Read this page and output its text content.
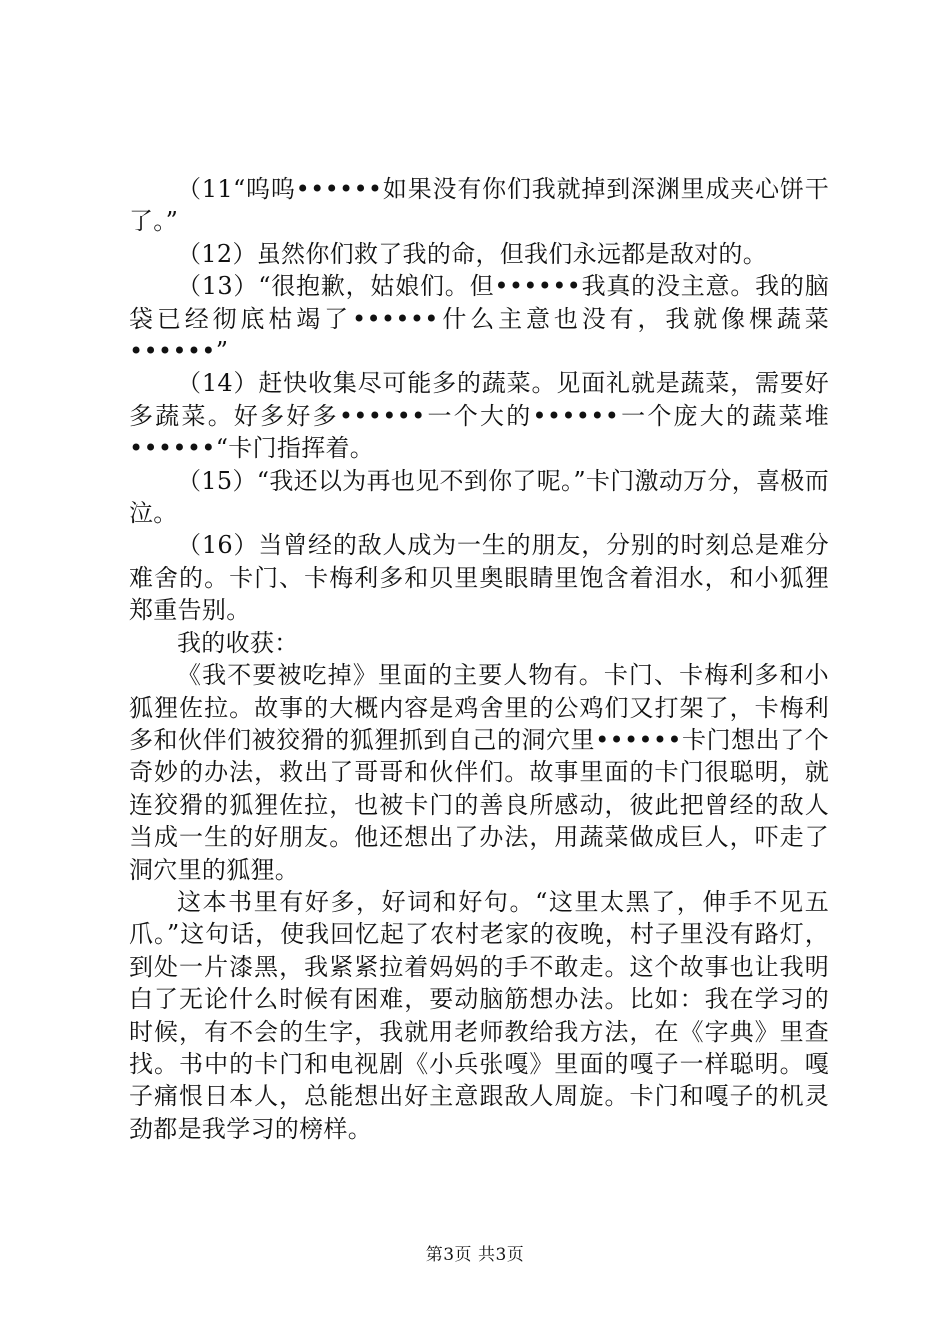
（11“呜呜••••••如果没有你们我就掉到深渊里成夹心饼干了。”

（12）虽然你们救了我的命，但我们永远都是敌对的。

（13）“很抱歉，姑娘们。但••••••我真的没主意。我的脑袋已经彻底枯竭了••••••什么主意也没有，我就像棵蔬菜••••••”

（14）赶快收集尽可能多的蔬菜。见面礼就是蔬菜，需要好多蔬菜。好多好多••••••一个大的••••••一个庞大的蔬菜堆••••••“卡门指挥着。

（15）“我还以为再也见不到你了呢。”卡门激动万分，喜极而泣。

（16）当曾经的敌人成为一生的朋友，分别的时刻总是难分难舍的。卡门、卡梅利多和贝里奥眼睛里饱含着泪水，和小狐狸郑重告别。

我的收获：

《我不要被吃掉》里面的主要人物有。卡门、卡梅利多和小狐狸佐拉。故事的大概内容是鸡舍里的公鸡们又打架了，卡梅利多和伙伴们被狡猾的狐狸抓到自己的洞穴里••••••卡门想出了个奇妙的办法，救出了哥哥和伙伴们。故事里面的卡门很聪明，就连狡猾的狐狸佐拉，也被卡门的善良所感动，彼此把曾经的敌人当成一生的好朋友。他还想出了办法，用蔬菜做成巨人，吓走了洞穴里的狐狸。

这本书里有好多，好词和好句。“这里太黑了，伸手不见五爪。”这句话，使我回忆起了农村老家的夜晚，村子里没有路灯，到处一片漆黑，我紧紧拉着妈妈的手不敢走。这个故事也让我明白了无论什么时候有困难，要动脑筋想办法。比如：我在学习的时候，有不会的生字，我就用老师教给我方法，在《字典》里查找。书中的卡门和电视剧《小兵张嘎》里面的嘎子一样聪明。嘎子痛恨日本人，总能想出好主意跟敌人周旋。卡门和嘎子的机灵劲都是我学习的榜样。

第3页 共3页
